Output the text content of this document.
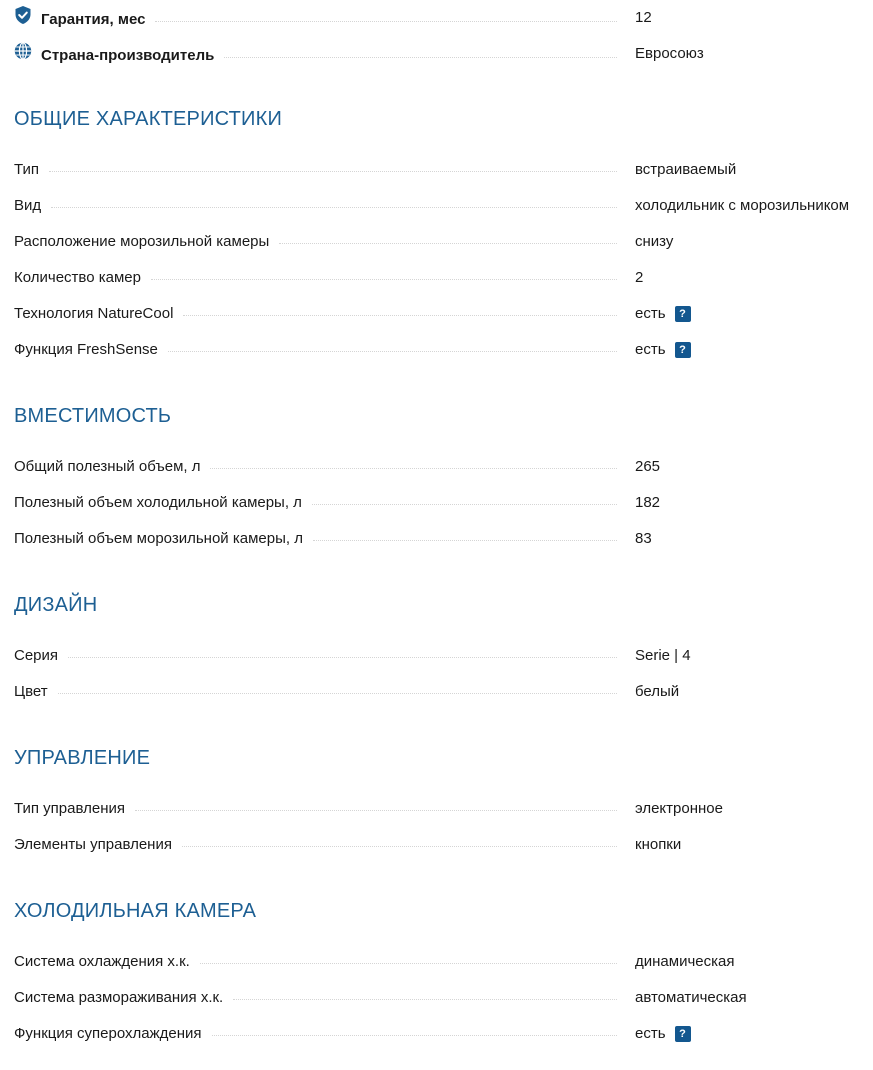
Гарантия, мес	12
Страна-производитель	Евросоюз
ОБЩИЕ ХАРАКТЕРИСТИКИ
Тип	встраиваемый
Вид	холодильник с морозильником
Расположение морозильной камеры	снизу
Количество камер	2
Технология NatureCool	есть	?
Функция FreshSense	есть	?
ВМЕСТИМОСТЬ
Общий полезный объем, л	265
Полезный объем холодильной камеры, л	182
Полезный объем морозильной камеры, л	83
ДИЗАЙН
Серия	Serie | 4
Цвет	белый
УПРАВЛЕНИЕ
Тип управления	электронное
Элементы управления	кнопки
ХОЛОДИЛЬНАЯ КАМЕРА
Система охлаждения х.к.	динамическая
Система размораживания х.к.	автоматическая
Функция суперохлаждения	есть	?
